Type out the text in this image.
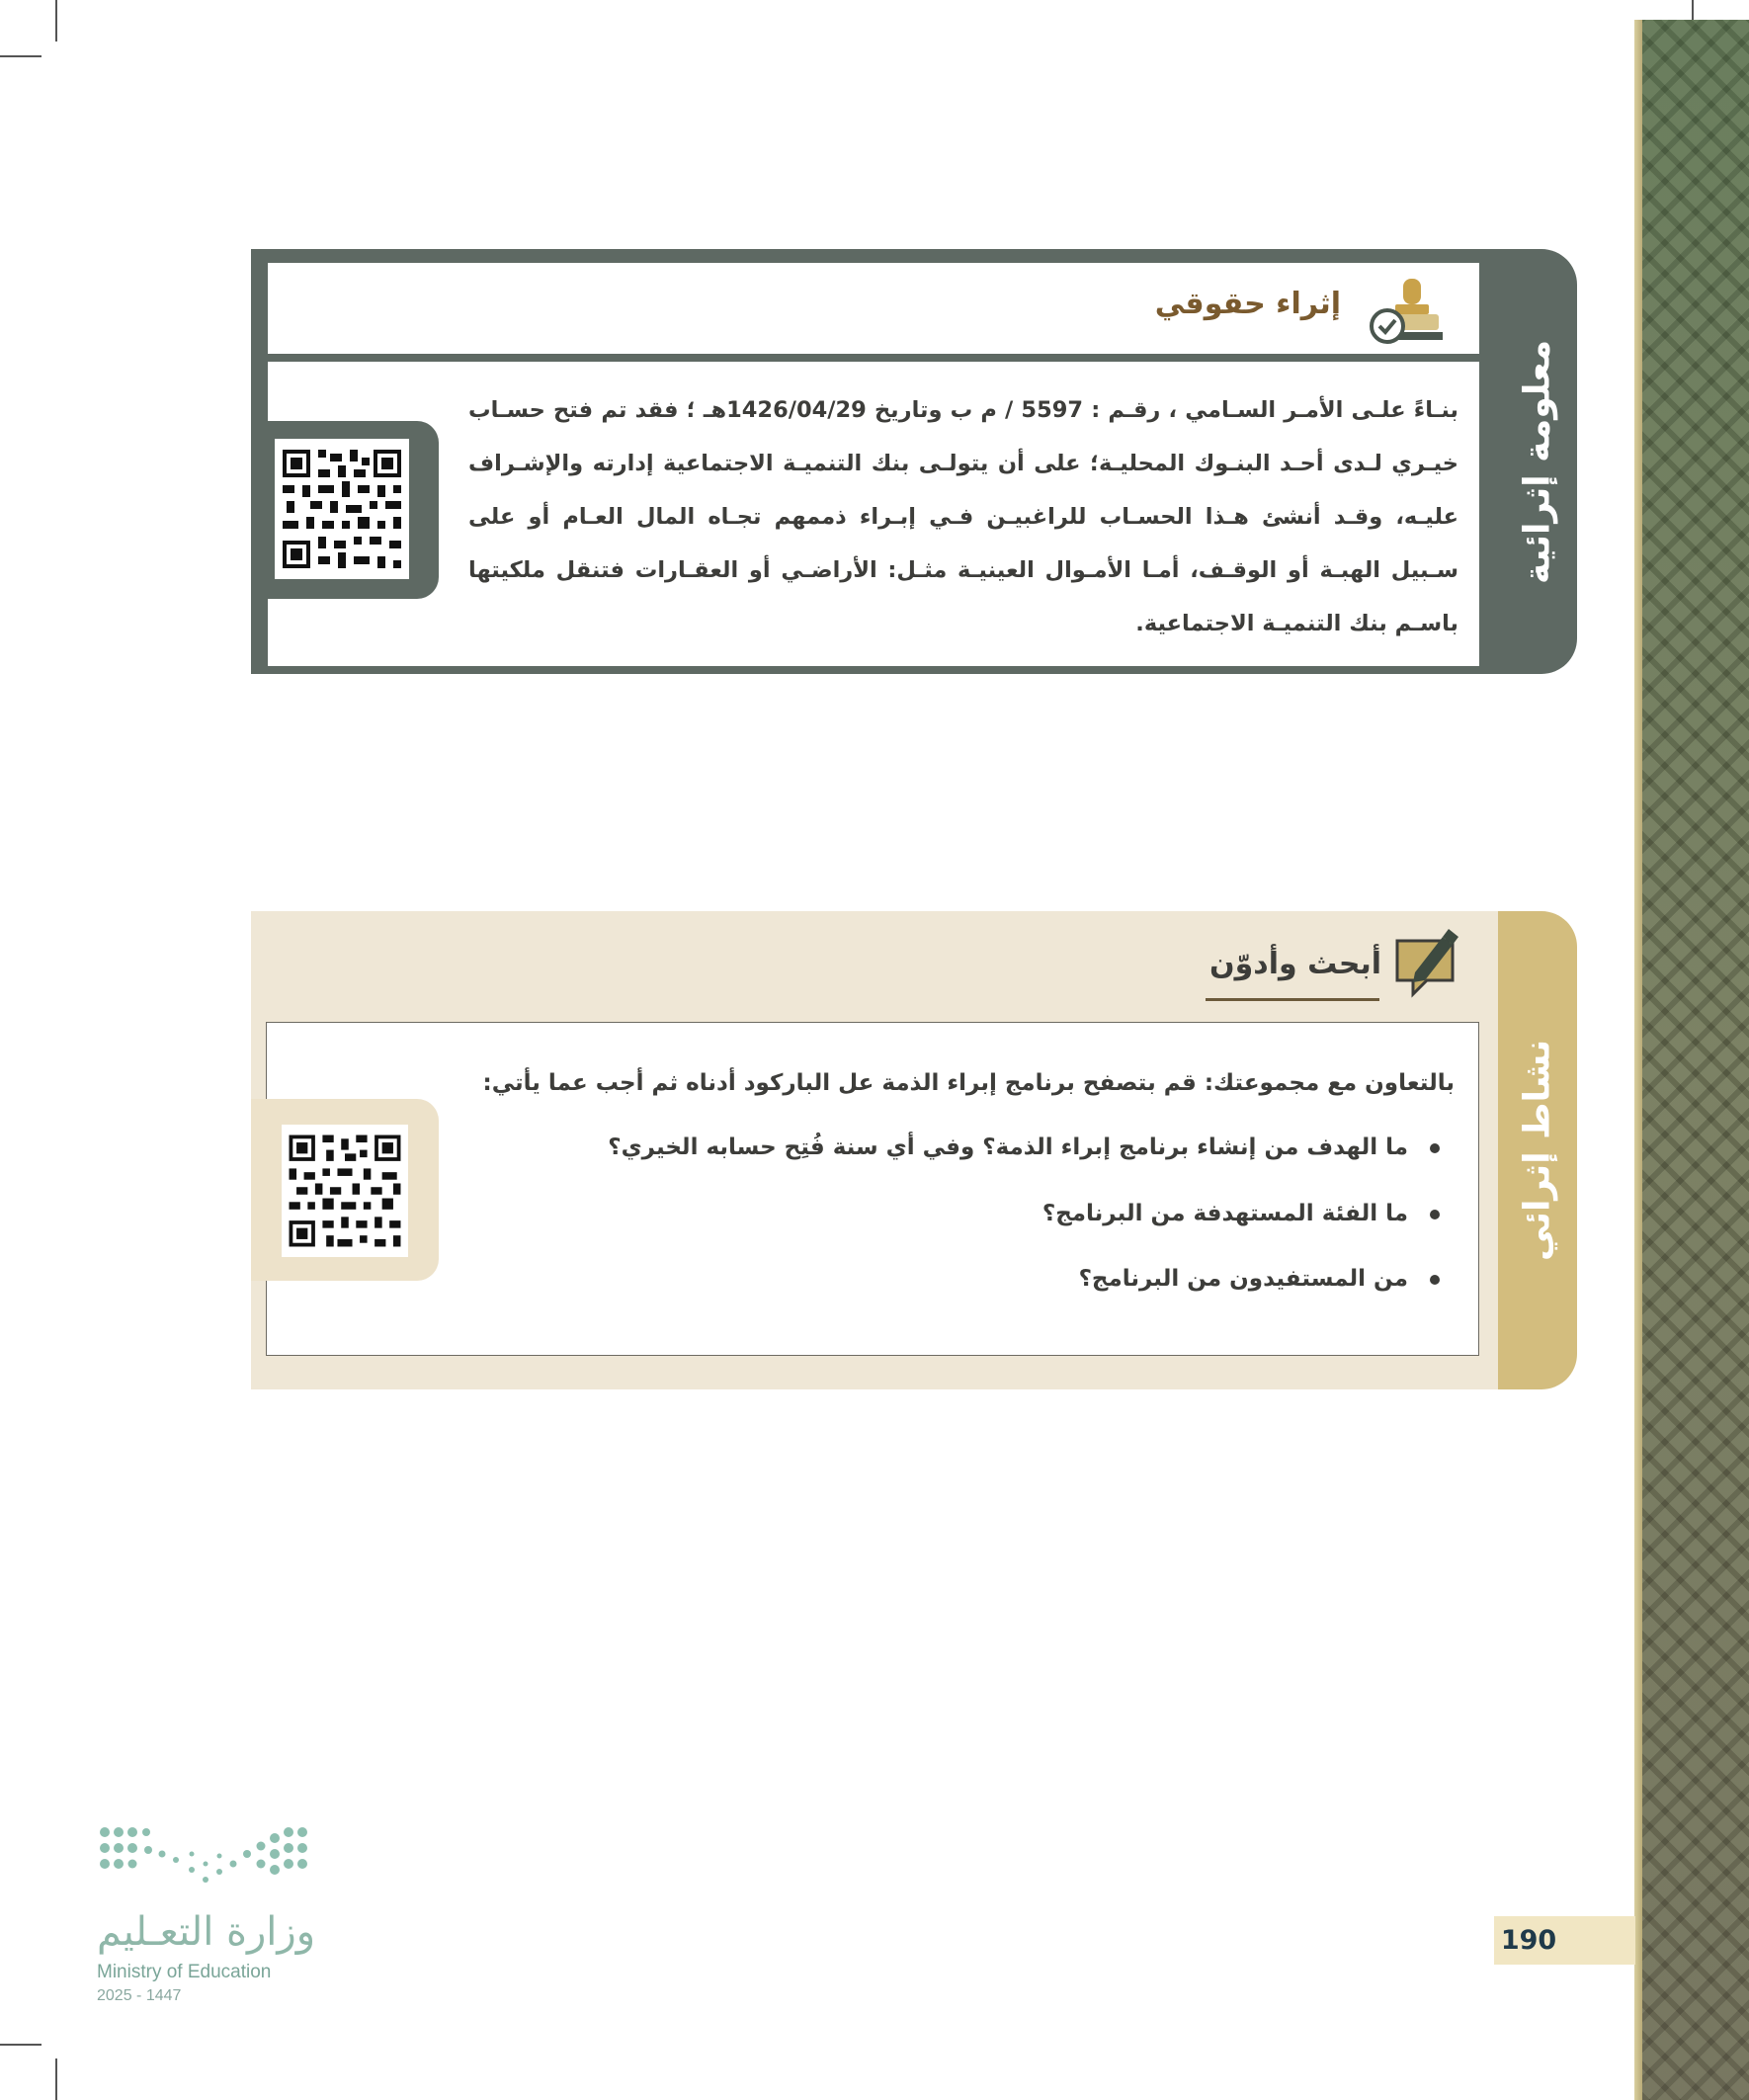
معلومة إثرائية
إثراء حقوقي
بنـاءً علـى الأمـر السـامي ، رقـم : 5597 / م ب وتاريخ 1426/04/29هـ ؛ فقد تم فتح حسـاب خيـري لـدى أحـد البنـوك المحليـة؛ على أن يتولـى بنك التنميـة الاجتماعية إدارته والإشـراف عليـه، وقـد أنشئ هـذا الحسـاب للراغبيـن فـي إبـراء ذممهم تجـاه المال العـام أو على سـبيل الهبـة أو الوقـف، أمـا الأمـوال العينيـة مثـل: الأراضـي أو العقـارات فتنقل ملكيتها باسـم بنك التنميـة الاجتماعية.
نشاط إثرائي
أبحث وأدوّن
بالتعاون مع مجموعتك: قم بتصفح برنامج إبراء الذمة عل الباركود أدناه ثم أجب عما يأتي:
ما الهدف من إنشاء برنامج إبراء الذمة؟ وفي أي سنة فُتِح حسابه الخيري؟
ما الفئة المستهدفة من البرنامج؟
من المستفيدون من البرنامج؟
190
وزارة التعـليم
Ministry of Education
2025 - 1447
